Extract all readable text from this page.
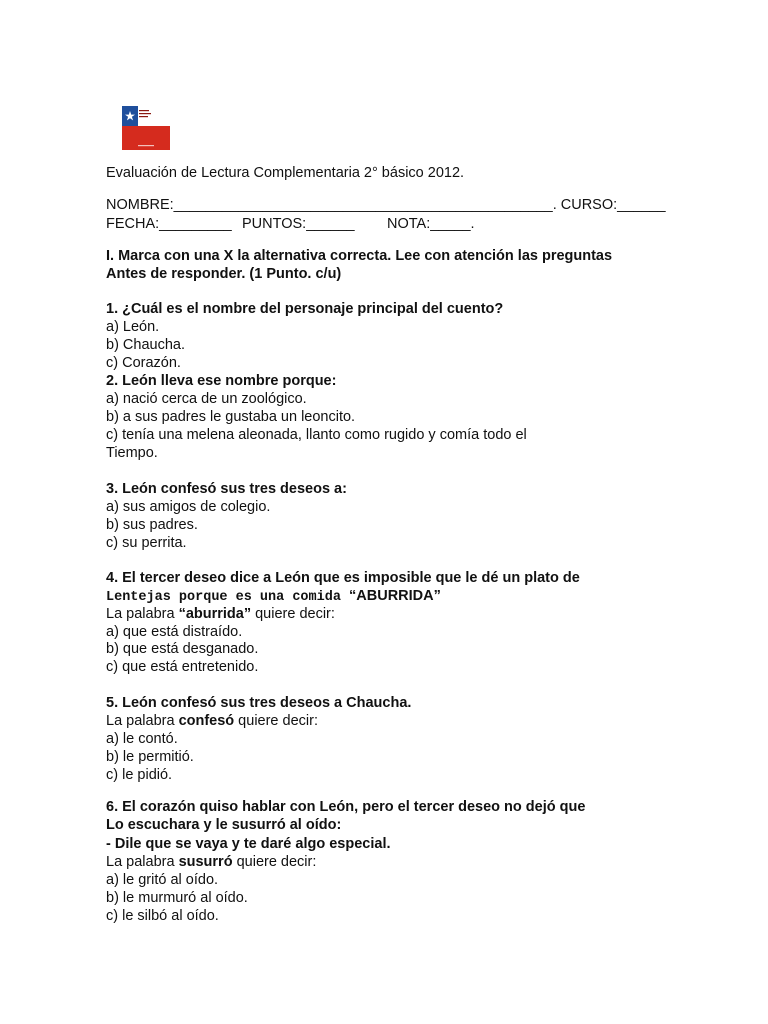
Evaluación de Lectura Complementaria 2° básico 2012.
NOMBRE:_______________________________________________. CURSO:______
FECHA:_________ PUNTOS:______ NOTA:_____.
I. Marca con una X la alternativa correcta. Lee con atención las preguntas
Antes de responder. (1 Punto. c/u)
1. ¿Cuál es el nombre del personaje principal del cuento?
a) León.
b) Chaucha.
c) Corazón.
2. León lleva ese nombre porque:
a) nació cerca de un zoológico.
b) a sus padres le gustaba un leoncito.
c) tenía una melena aleonada, llanto como rugido y comía todo el
Tiempo.
3. León confesó sus tres deseos a:
a) sus amigos de colegio.
b) sus padres.
c) su perrita.
4. El tercer deseo dice a León que es imposible que le dé un plato de
Lentejas porque es una comida “ABURRIDA”
La palabra “aburrida” quiere decir:
a) que está distraído.
b) que está desganado.
c) que está entretenido.
5. León confesó sus tres deseos a Chaucha.
La palabra confesó quiere decir:
a) le contó.
b) le permitió.
c) le pidió.
6. El corazón quiso hablar con León, pero el tercer deseo no dejó que
Lo escuchara y le susurró al oído:
- Dile que se vaya y te daré algo especial.
La palabra susurró quiere decir:
a) le gritó al oído.
b) le murmuró al oído.
c) le silbó al oído.
